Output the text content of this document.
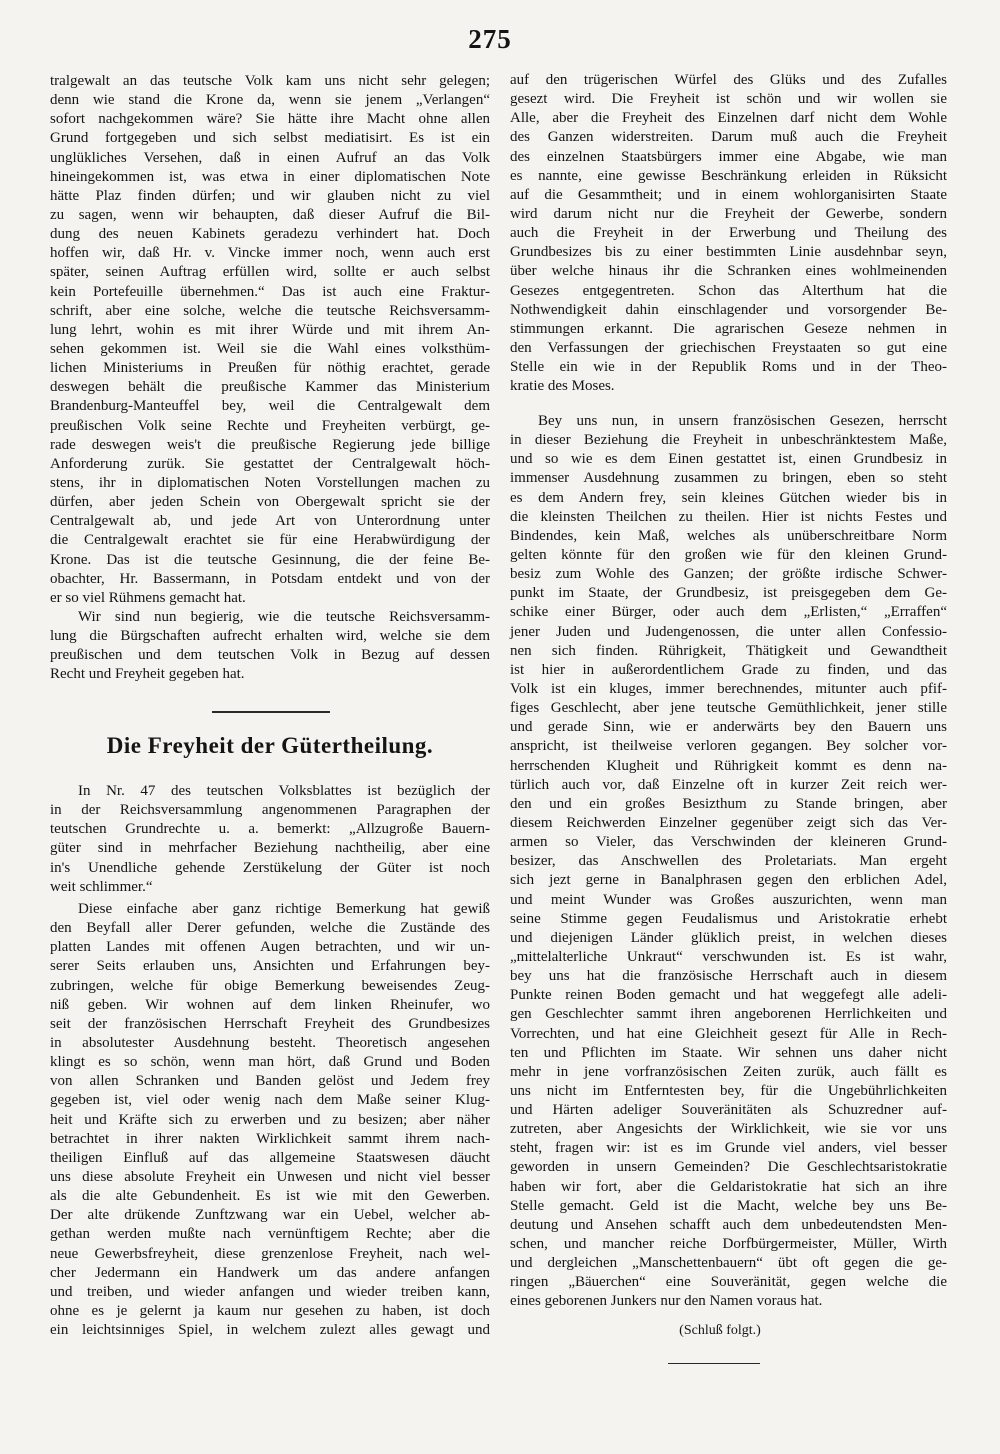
275
tralgewalt an das teutsche Volk kam uns nicht sehr gelegen;
denn wie stand die Krone da, wenn sie jenem „Verlangen“
sofort nachgekommen wäre? Sie hätte ihre Macht ohne allen
Grund fortgegeben und sich selbst mediatisirt. Es ist ein
unglükliches Versehen, daß in einen Aufruf an das Volk
hineingekommen ist, was etwa in einer diplomatischen Note
hätte Plaz finden dürfen; und wir glauben nicht zu viel
zu sagen, wenn wir behaupten, daß dieser Aufruf die Bil-
dung des neuen Kabinets geradezu verhindert hat. Doch
hoffen wir, daß Hr. v. Vincke immer noch, wenn auch erst
später, seinen Auftrag erfüllen wird, sollte er auch selbst
kein Portefeuille übernehmen.“ Das ist auch eine Fraktur-
schrift, aber eine solche, welche die teutsche Reichsversamm-
lung lehrt, wohin es mit ihrer Würde und mit ihrem An-
sehen gekommen ist. Weil sie die Wahl eines volksthüm-
lichen Ministeriums in Preußen für nöthig erachtet, gerade
deswegen behält die preußische Kammer das Ministerium
Brandenburg-Manteuffel bey, weil die Centralgewalt dem
preußischen Volk seine Rechte und Freyheiten verbürgt, ge-
rade deswegen weis't die preußische Regierung jede billige
Anforderung zurük. Sie gestattet der Centralgewalt höch-
stens, ihr in diplomatischen Noten Vorstellungen machen zu
dürfen, aber jeden Schein von Obergewalt spricht sie der
Centralgewalt ab, und jede Art von Unterordnung unter
die Centralgewalt erachtet sie für eine Herabwürdigung der
Krone. Das ist die teutsche Gesinnung, die der feine Be-
obachter, Hr. Bassermann, in Potsdam entdekt und von der
er so viel Rühmens gemacht hat.
Wir sind nun begierig, wie die teutsche Reichsversamm-
lung die Bürgschaften aufrecht erhalten wird, welche sie dem
preußischen und dem teutschen Volk in Bezug auf dessen
Recht und Freyheit gegeben hat.
Die Freyheit der Gütertheilung.
In Nr. 47 des teutschen Volksblattes ist bezüglich der
in der Reichsversammlung angenommenen Paragraphen der
teutschen Grundrechte u. a. bemerkt: „Allzugroße Bauern-
güter sind in mehrfacher Beziehung nachtheilig, aber eine
in's Unendliche gehende Zerstükelung der Güter ist noch
weit schlimmer.“
Diese einfache aber ganz richtige Bemerkung hat gewiß
den Beyfall aller Derer gefunden, welche die Zustände des
platten Landes mit offenen Augen betrachten, und wir un-
serer Seits erlauben uns, Ansichten und Erfahrungen bey-
zubringen, welche für obige Bemerkung beweisendes Zeug-
niß geben. Wir wohnen auf dem linken Rheinufer, wo
seit der französischen Herrschaft Freyheit des Grundbesizes
in absolutester Ausdehnung besteht. Theoretisch angesehen
klingt es so schön, wenn man hört, daß Grund und Boden
von allen Schranken und Banden gelöst und Jedem frey
gegeben ist, viel oder wenig nach dem Maße seiner Klug-
heit und Kräfte sich zu erwerben und zu besizen; aber näher
betrachtet in ihrer nakten Wirklichkeit sammt ihrem nach-
theiligen Einfluß auf das allgemeine Staatswesen däucht
uns diese absolute Freyheit ein Unwesen und nicht viel besser
als die alte Gebundenheit. Es ist wie mit den Gewerben.
Der alte drükende Zunftzwang war ein Uebel, welcher ab-
gethan werden mußte nach vernünftigem Rechte; aber die
neue Gewerbsfreyheit, diese grenzenlose Freyheit, nach wel-
cher Jedermann ein Handwerk um das andere anfangen
und treiben, und wieder anfangen und wieder treiben kann,
ohne es je gelernt ja kaum nur gesehen zu haben, ist doch
ein leichtsinniges Spiel, in welchem zulezt alles gewagt und
auf den trügerischen Würfel des Glüks und des Zufalles
gesezt wird. Die Freyheit ist schön und wir wollen sie
Alle, aber die Freyheit des Einzelnen darf nicht dem Wohle
des Ganzen widerstreiten. Darum muß auch die Freyheit
des einzelnen Staatsbürgers immer eine Abgabe, wie man
es nannte, eine gewisse Beschränkung erleiden in Rüksicht
auf die Gesammtheit; und in einem wohlorganisirten Staate
wird darum nicht nur die Freyheit der Gewerbe, sondern
auch die Freyheit in der Erwerbung und Theilung des
Grundbesizes bis zu einer bestimmten Linie ausdehnbar seyn,
über welche hinaus ihr die Schranken eines wohlmeinenden
Gesezes entgegentreten. Schon das Alterthum hat die
Nothwendigkeit dahin einschlagender und vorsorgender Be-
stimmungen erkannt. Die agrarischen Geseze nehmen in
den Verfassungen der griechischen Freystaaten so gut eine
Stelle ein wie in der Republik Roms und in der Theo-
kratie des Moses.
Bey uns nun, in unsern französischen Gesezen, herrscht
in dieser Beziehung die Freyheit in unbeschränktestem Maße,
und so wie es dem Einen gestattet ist, einen Grundbesiz in
immenser Ausdehnung zusammen zu bringen, eben so steht
es dem Andern frey, sein kleines Gütchen wieder bis in
die kleinsten Theilchen zu theilen. Hier ist nichts Festes und
Bindendes, kein Maß, welches als unüberschreitbare Norm
gelten könnte für den großen wie für den kleinen Grund-
besiz zum Wohle des Ganzen; der größte irdische Schwer-
punkt im Staate, der Grundbesiz, ist preisgegeben dem Ge-
schike einer Bürger, oder auch dem „Erlisten,“ „Erraffen“
jener Juden und Judengenossen, die unter allen Confessio-
nen sich finden. Rührigkeit, Thätigkeit und Gewandtheit
ist hier in außerordentlichem Grade zu finden, und das
Volk ist ein kluges, immer berechnendes, mitunter auch pfif-
figes Geschlecht, aber jene teutsche Gemüthlichkeit, jener stille
und gerade Sinn, wie er anderwärts bey den Bauern uns
anspricht, ist theilweise verloren gegangen. Bey solcher vor-
herrschenden Klugheit und Rührigkeit kommt es denn na-
türlich auch vor, daß Einzelne oft in kurzer Zeit reich wer-
den und ein großes Besizthum zu Stande bringen, aber
diesem Reichwerden Einzelner gegenüber zeigt sich das Ver-
armen so Vieler, das Verschwinden der kleineren Grund-
besizer, das Anschwellen des Proletariats. Man ergeht
sich jezt gerne in Banalphrasen gegen den erblichen Adel,
und meint Wunder was Großes auszurichten, wenn man
seine Stimme gegen Feudalismus und Aristokratie erhebt
und diejenigen Länder glüklich preist, in welchen dieses
„mittelalterliche Unkraut“ verschwunden ist. Es ist wahr,
bey uns hat die französische Herrschaft auch in diesem
Punkte reinen Boden gemacht und hat weggefegt alle adeli-
gen Geschlechter sammt ihren angeborenen Herrlichkeiten und
Vorrechten, und hat eine Gleichheit gesezt für Alle in Rech-
ten und Pflichten im Staate. Wir sehnen uns daher nicht
mehr in jene vorfranzösischen Zeiten zurük, auch fällt es
uns nicht im Entferntesten bey, für die Ungebührlichkeiten
und Härten adeliger Souveränitäten als Schuzredner auf-
zutreten, aber Angesichts der Wirklichkeit, wie sie vor uns
steht, fragen wir: ist es im Grunde viel anders, viel besser
geworden in unsern Gemeinden? Die Geschlechtsaristokratie
haben wir fort, aber die Geldaristokratie hat sich an ihre
Stelle gemacht. Geld ist die Macht, welche bey uns Be-
deutung und Ansehen schafft auch dem unbedeutendsten Men-
schen, und mancher reiche Dorfbürgermeister, Müller, Wirth
und dergleichen „Manschettenbauern“ übt oft gegen die ge-
ringen „Bäuerchen“ eine Souveränität, gegen welche die
eines geborenen Junkers nur den Namen voraus hat.
(Schluß folgt.)
